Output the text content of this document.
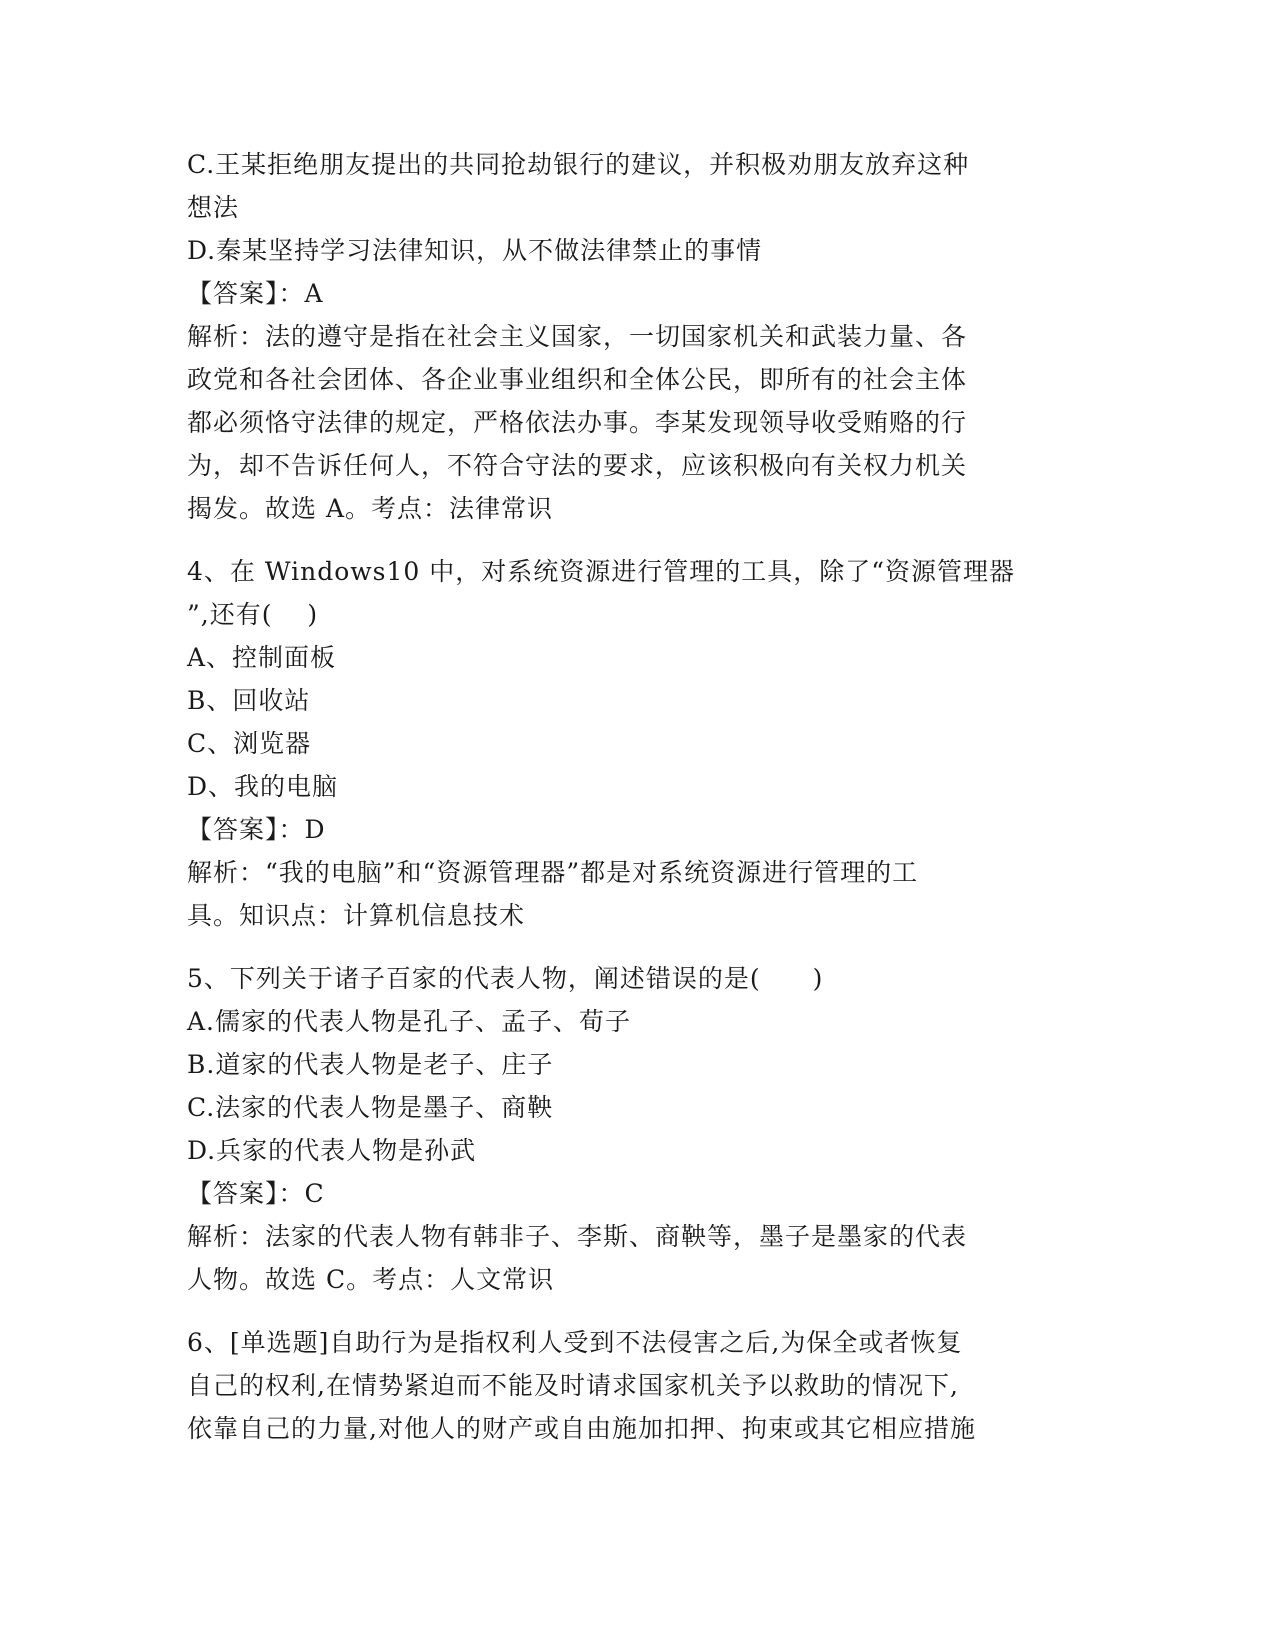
C.王某拒绝朋友提出的共同抢劫银行的建议，并积极劝朋友放弃这种
想法
D.秦某坚持学习法律知识，从不做法律禁止的事情
【答案】：A
解析：法的遵守是指在社会主义国家，一切国家机关和武装力量、各
政党和各社会团体、各企业事业组织和全体公民，即所有的社会主体
都必须恪守法律的规定，严格依法办事。李某发现领导收受贿赂的行
为，却不告诉任何人，不符合守法的要求，应该积极向有关权力机关
揭发。故选 A。考点：法律常识
4、在 Windows10 中，对系统资源进行管理的工具，除了“资源管理器
”,还有(　 )
A、控制面板
B、回收站
C、浏览器
D、我的电脑
【答案】：D
解析：“我的电脑”和“资源管理器”都是对系统资源进行管理的工
具。知识点：计算机信息技术
5、下列关于诸子百家的代表人物，阐述错误的是(　　)
A.儒家的代表人物是孔子、孟子、荀子
B.道家的代表人物是老子、庄子
C.法家的代表人物是墨子、商鞅
D.兵家的代表人物是孙武
【答案】：C
解析：法家的代表人物有韩非子、李斯、商鞅等，墨子是墨家的代表
人物。故选 C。考点：人文常识
6、[单选题]自助行为是指权利人受到不法侵害之后,为保全或者恢复
自己的权利,在情势紧迫而不能及时请求国家机关予以救助的情况下,
依靠自己的力量,对他人的财产或自由施加扣押、拘束或其它相应措施
